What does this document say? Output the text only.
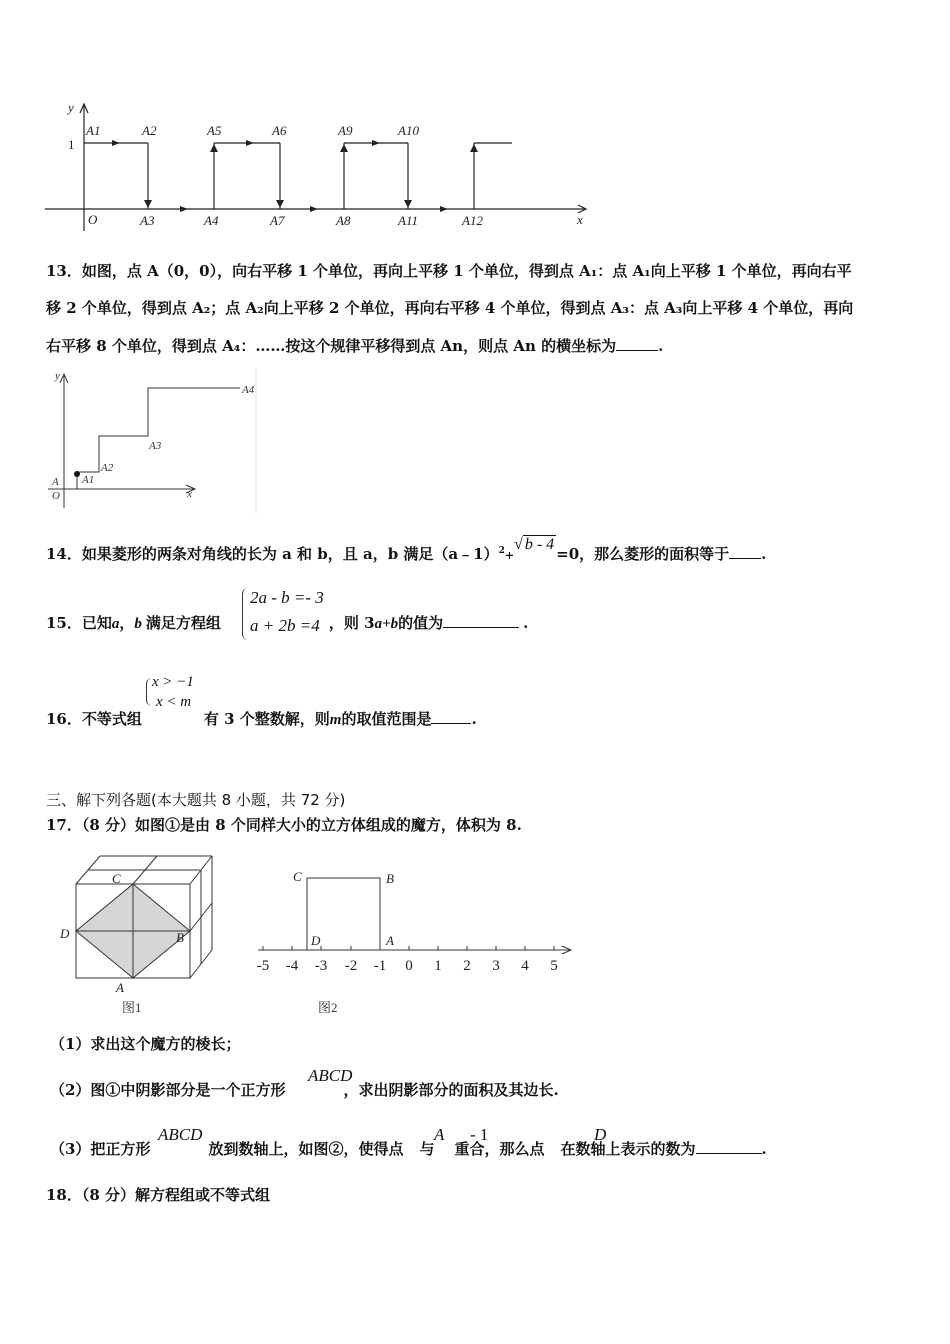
y
x
O
1
A1	A2	A5	A6	A9	A10
A3	A4	A7	A8	A11	A12
13．如图，点 A（0，0），向右平移 1 个单位，再向上平移 1 个单位，得到点 A₁：点 A₁向上平移 1 个单位，再向右平
移 2 个单位，得到点 A₂；点 A₂向上平移 2 个单位，再向右平移 4 个单位，得到点 A₃：点 A₃向上平移 4 个单位，再向
右平移 8 个单位，得到点 A₄：……按这个规律平移得到点 An，则点 An 的横坐标为	.
y
x
O
A A1
A2
A3
A4
14．如果菱形的两条对角线的长为 a 和 b，且 a，b 满足（a﹣1）$^2$+√ b - 4=0，那么菱形的面积等于 .
15．已知a，b 满足方程组	，则 3a+b的值为	.
2a - b =- 3
a + 2b =4
x > −1
x < m
16．不等式组	有 3 个整数解，则m的取值范围是	.
三、解下列各题(本大题共 8 小题，共 72 分)
17．（8 分）如图①是由 8 个同样大小的立方体组成的魔方，体积为 8.
C
D	B
A
图1
C	B
D	A
-5 -4 -3 -2 -1 0 1 2 3 4 5
图2
（1）求出这个魔方的棱长；
ABCD
（2）图①中阴影部分是一个正方形	，求出阴影部分的面积及其边长.
ABCD	A - 1	D
（3）把正方形	放到数轴上，如图②，使得点 与 重合，那么点 在数轴上表示的数为	.
18．（8 分）解方程组或不等式组
